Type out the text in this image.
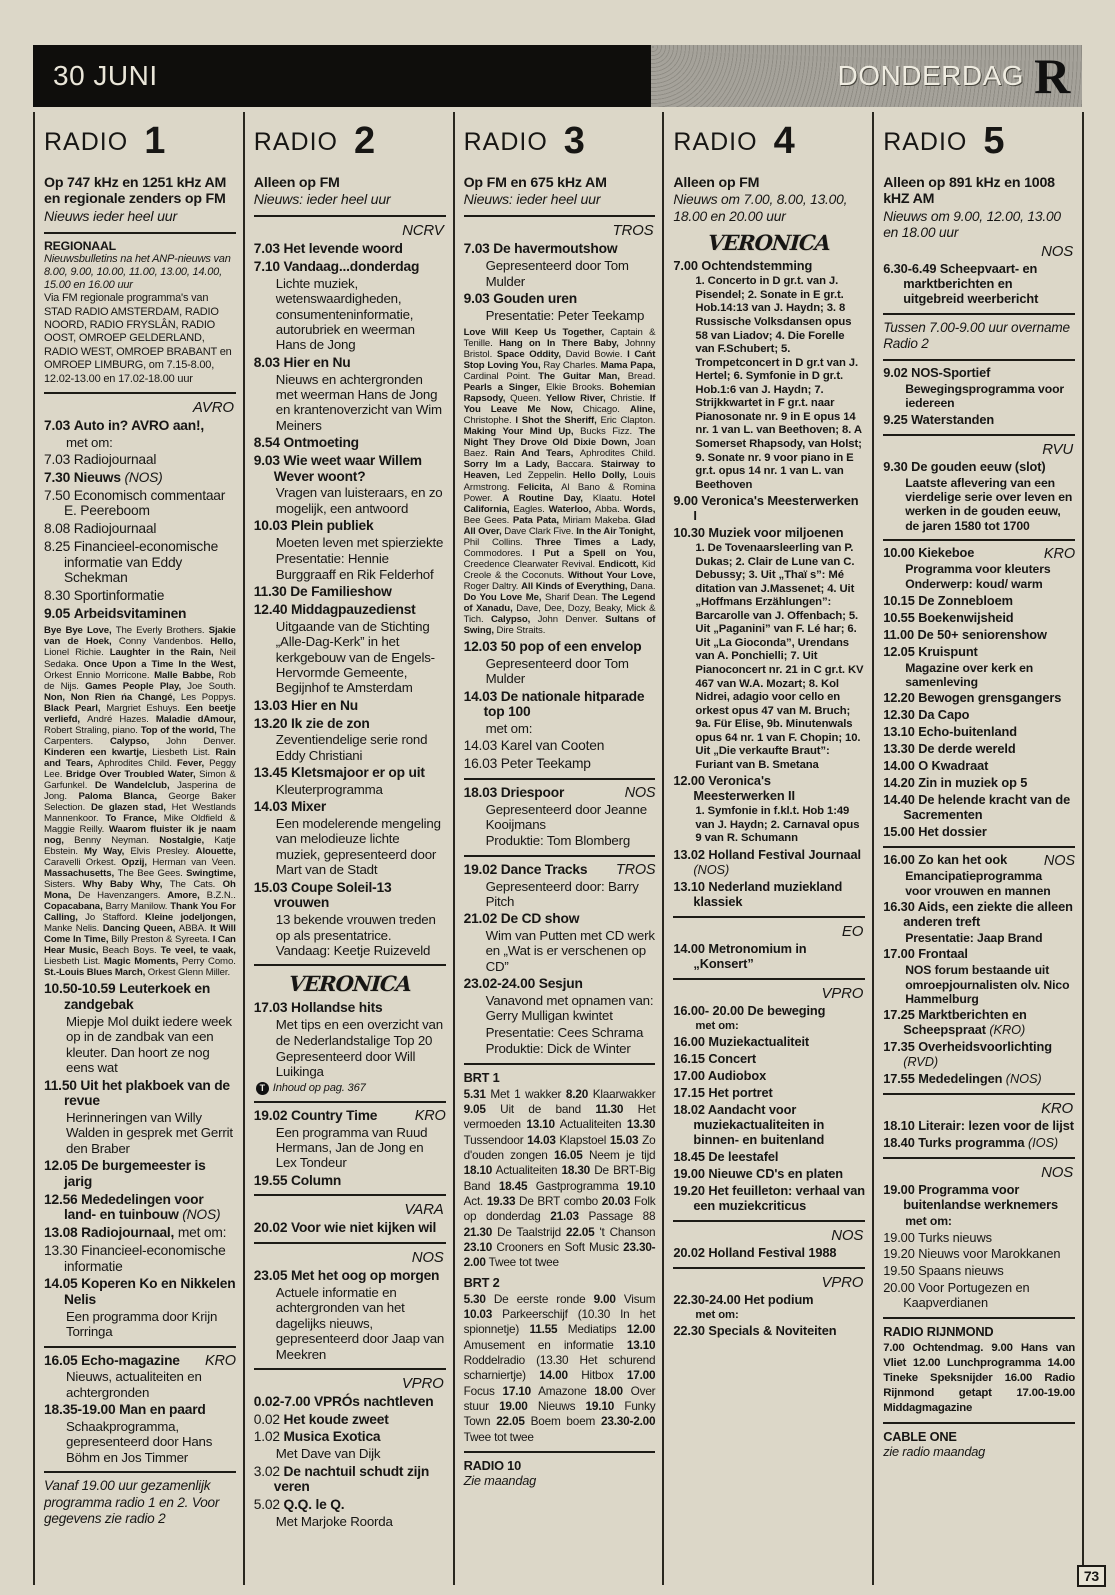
30 JUNI	DONDERDAG R
RADIO 1
Op 747 kHz en 1251 kHz AM
en regionale zenders op FM
Nieuws ieder heel uur
REGIONAAL
Nieuwsbulletins na het ANP-nieuws van 8.00, 9.00, 10.00, 11.00, 13.00, 14.00, 15.00 en 16.00 uur
Via FM regionale programma's van STAD RADIO AMSTERDAM, RADIO NOORD, RADIO FRYSLÂN, RADIO OOST, OMROEP GELDERLAND, RADIO WEST, OMROEP BRABANT en OMROEP LIMBURG, om 7.15-8.00, 12.02-13.00 en 17.02-18.00 uur
AVRO
7.03 Auto in? AVRO aan!,
met om:
7.03 Radiojournaal
7.30 Nieuws (NOS)
7.50 Economisch commentaar E. Peereboom
8.08 Radiojournaal
8.25 Financieel-economische informatie van Eddy Schekman
8.30 Sportinformatie
9.05 Arbeidsvitaminen
Bye Bye Love , The Everly Brothers . Sjakie van de Hoek , Conny Vandenbos . Hello , Lionel Richie . Laughter in the Rain , Neil Sedaka . Once Upon a Time In the West , Orkest Ennio Morricone . Malle Babbe , Rob de Nijs . Games People Play , Joe South . Non, Non Rien ńa Changé , Les Poppys . Black Pearl , Margriet Eshuys . Een beetje verliefd , André Hazes . Maladie dAmour , Robert Straling, piano . Top of the world , The Carpenters . Calypso , John Denver . Kinderen een kwartje , Liesbeth List . Rain and Tears , Aphrodites Child . Fever , Peggy Lee . Bridge Over Troubled Water , Simon & Garfunkel . De Wandelclub , Jasperina de Jong . Paloma Blanca , George Baker Selection . De glazen stad , Het Westlands Mannenkoor . To France , Mike Oldfield & Maggie Reilly . Waarom fluister ik je naam nog , Benny Neyman . Nostalgie , Katje Ebstein . My Way , Elvis Presley . Alouette , Caravelli Orkest . Opzij , Herman van Veen . Massachusetts , The Bee Gees . Swingtime , Sisters . Why Baby Why , The Cats . Oh Mona , De Havenzangers . Amore , B.Z.N. . Copacabana , Barry Manilow . Thank You For Calling , Jo Stafford . Kleine jodeljongen , Manke Nelis . Dancing Queen , ABBA . It Will Come In Time , Billy Preston & Syreeta . I Can Hear Music , Beach Boys . Te veel, te vaak , Liesbeth List . Magic Moments , Perry Como . St.-Louis Blues March , Orkest Glenn Miller .
10.50-10.59 Leuterkoek en zandgebak
Miepje Mol duikt iedere week op in de zandbak van een kleuter. Dan hoort ze nog eens wat
11.50 Uit het plakboek van de revue
Herinneringen van Willy Walden in gesprek met Gerrit den Braber
12.05 De burgemeester is jarig
12.56 Mededelingen voor land- en tuinbouw (NOS)
13.08 Radiojournaal, met om:
13.30 Financieel-economische informatie
14.05 Koperen Ko en Nikkelen Nelis
Een programma door Krijn Torringa
KRO
16.05 Echo-magazine
Nieuws, actualiteiten en achtergronden
18.35-19.00 Man en paard
Schaakprogramma, gepresenteerd door Hans Böhm en Jos Timmer
Vanaf 19.00 uur gezamenlijk programma radio 1 en 2. Voor gegevens zie radio 2
RADIO 2
Alleen op FM
Nieuws: ieder heel uur
NCRV
7.03 Het levende woord
7.10 Vandaag...donderdag
Lichte muziek, wetenswaardigheden, consumenteninformatie, autorubriek en weerman Hans de Jong
8.03 Hier en Nu
Nieuws en achtergronden met weerman Hans de Jong en krantenoverzicht van Wim Meiners
8.54 Ontmoeting
9.03 Wie weet waar Willem Wever woont?
Vragen van luisteraars, en zo mogelijk, een antwoord
10.03 Plein publiek
Moeten leven met spierziekte
Presentatie: Hennie Burggraaff en Rik Felderhof
11.30 De Familieshow
12.40 Middagpauzedienst
Uitgaande van de Stichting „Alle-Dag-Kerk” in het kerkgebouw van de Engels-Hervormde Gemeente, Begijnhof te Amsterdam
13.03 Hier en Nu
13.20 Ik zie de zon
Zeventiendelige serie rond Eddy Christiani
13.45 Kletsmajoor er op uit
Kleuterprogramma
14.03 Mixer
Een modelerende mengeling van melodieuze lichte muziek, gepresenteerd door Mart van de Stadt
15.03 Coupe Soleil-13 vrouwen
13 bekende vrouwen treden op als presentatrice. Vandaag: Keetje Ruizeveld
VERONICA
17.03 Hollandse hits
Met tips en een overzicht van de Nederlandstalige Top 20
Gepresenteerd door Will Luikinga
T Inhoud op pag. 367
KRO
19.02 Country Time
Een programma van Ruud Hermans, Jan de Jong en Lex Tondeur
19.55 Column
VARA
20.02 Voor wie niet kijken wil
NOS
23.05 Met het oog op morgen
Actuele informatie en achtergronden van het dagelijks nieuws, gepresenteerd door Jaap van Meekren
VPRO
0.02-7.00 VPRÓs nachtleven
0.02 Het koude zweet
1.02 Musica Exotica
Met Dave van Dijk
3.02 De nachtuil schudt zijn veren
5.02 Q.Q. le Q.
Met Marjoke Roorda
RADIO 3
Op FM en 675 kHz AM
Nieuws: ieder heel uur
TROS
7.03 De havermoutshow
Gepresenteerd door Tom Mulder
9.03 Gouden uren
Presentatie: Peter Teekamp
Love Will Keep Us Together , Captain & Tenille . Hang on In There Baby , Johnny Bristol . Space Oddity , David Bowie . I Cańt Stop Loving You , Ray Charles . Mama Papa , Cardinal Point . The Guitar Man , Bread . Pearls a Singer , Elkie Brooks . Bohemian Rapsody , Queen . Yellow River , Christie . If You Leave Me Now , Chicago . Aline , Christophe . I Shot the Sheriff , Eric Clapton . Making Your Mind Up , Bucks Fizz . The Night They Drove Old Dixie Down , Joan Baez . Rain And Tears , Aphrodites Child . Sorry Im a Lady , Baccara . Stairway to Heaven , Led Zeppelin . Hello Dolly , Louis Armstrong . Felicita , Al Bano & Romina Power . A Routine Day , Klaatu . Hotel California , Eagles . Waterloo , Abba . Words , Bee Gees . Pata Pata , Miriam Makeba . Glad All Over , Dave Clark Five . In the Air Tonight , Phil Collins . Three Times a Lady , Commodores . I Put a Spell on You , Creedence Clearwater Revival . Endicott , Kid Creole & the Coconuts . Without Your Love , Roger Daltry . All Kinds of Everything , Dana . Do You Love Me , Sharif Dean . The Legend of Xanadu , Dave, Dee, Dozy, Beaky, Mick & Tich . Calypso , John Denver . Sultans of Swing , Dire Straits .
12.03 50 pop of een envelop
Gepresenteerd door Tom Mulder
14.03 De nationale hitparade top 100
met om:
14.03 Karel van Cooten
16.03 Peter Teekamp
NOS
18.03 Driespoor
Gepresenteerd door Jeanne Kooijmans
Produktie: Tom Blomberg
TROS
19.02 Dance Tracks
Gepresenteerd door: Barry Pitch
21.02 De CD show
Wim van Putten met CD werk en „Wat is er verschenen op CD”
23.02-24.00 Sesjun
Vanavond met opnamen van: Gerry Mulligan kwintet
Presentatie: Cees Schrama
Produktie: Dick de Winter
BRT 1
5.31 Met 1 wakker 8.20 Klaarwakker 9.05 Uit de band 11.30 Het vermoeden 13.10 Actualiteiten 13.30 Tussendoor 14.03 Klapstoel 15.03 Zo d'ouden zongen 16.05 Neem je tijd 18.10 Actualiteiten 18.30 De BRT-Big Band 18.45 Gastprogramma 19.10 Act. 19.33 De BRT combo 20.03 Folk op donderdag 21.03 Passage 88 21.30 De Taalstrijd 22.05 't Chanson 23.10 Crooners en Soft Music 23.30-2.00 Twee tot twee
BRT 2
5.30 De eerste ronde 9.00 Visum 10.03 Parkeerschijf (10.30 In het spionnetje) 11.55 Mediatips 12.00 Amusement en informatie 13.10 Roddelradio (13.30 Het schurend scharniertje) 14.00 Hitbox 17.00 Focus 17.10 Amazone 18.00 Over stuur 19.00 Nieuws 19.10 Funky Town 22.05 Boem boem 23.30-2.00 Twee tot twee
RADIO 10
Zie maandag
RADIO 4
Alleen op FM
Nieuws om 7.00, 8.00, 13.00, 18.00 en 20.00 uur
VERONICA
7.00 Ochtendstemming
1. Concerto in D gr.t. van J. Pisendel; 2. Sonate in E gr.t. Hob.14:13 van J. Haydn; 3. 8 Russische Volksdansen opus 58 van Liadov; 4. Die Forelle van F.Schubert; 5. Trompetconcert in D gr.t van J. Hertel; 6. Symfonie in D gr.t. Hob.1:6 van J. Haydn; 7. Strijkkwartet in F gr.t. naar Pianosonate nr. 9 in E opus 14 nr. 1 van L. van Beethoven; 8. A Somerset Rhapsody, van Holst; 9. Sonate nr. 9 voor piano in E gr.t. opus 14 nr. 1 van L. van Beethoven
9.00 Veronica's Meesterwerken I
10.30 Muziek voor miljoenen
1. De Tovenaarsleerling van P. Dukas; 2. Clair de Lune van C. Debussy; 3. Uit „Thaï s”: Mé ditation van J.Massenet; 4. Uit „Hoffmans Erzählungen”: Barcarolle van J. Offenbach; 5. Uit „Paganini” van F. Lé har; 6. Uit „La Gioconda”, Urendans van A. Ponchielli; 7. Uit Pianoconcert nr. 21 in C gr.t. KV 467 van W.A. Mozart; 8. Kol Nidrei, adagio voor cello en orkest opus 47 van M. Bruch; 9a. Für Elise, 9b. Minutenwals opus 64 nr. 1 van F. Chopin; 10. Uit „Die verkaufte Braut”: Furiant van B. Smetana
12.00 Veronica's Meesterwerken II
1. Symfonie in f.kl.t. Hob 1:49 van J. Haydn; 2. Carnaval opus 9 van R. Schumann
13.02 Holland Festival Journaal (NOS)
13.10 Nederland muziekland klassiek
EO
14.00 Metronomium in „Konsert”
VPRO
16.00- 20.00 De beweging
met om:
16.00 Muziekactualiteit
16.15 Concert
17.00 Audiobox
17.15 Het portret
18.02 Aandacht voor muziekactualiteiten in binnen- en buitenland
18.45 De leestafel
19.00 Nieuwe CD's en platen
19.20 Het feuilleton: verhaal van een muziekcriticus
NOS
20.02 Holland Festival 1988
VPRO
22.30-24.00 Het podium
met om:
22.30 Specials & Noviteiten
RADIO 5
Alleen op 891 kHz en 1008 kHZ AM
Nieuws om 9.00, 12.00, 13.00 en 18.00 uur
NOS
6.30-6.49 Scheepvaart- en marktberichten en uitgebreid weerbericht
Tussen 7.00-9.00 uur overname Radio 2
9.02 NOS-Sportief
Bewegingsprogramma voor iedereen
9.25 Waterstanden
RVU
9.30 De gouden eeuw (slot)
Laatste aflevering van een vierdelige serie over leven en werken in de gouden eeuw, de jaren 1580 tot 1700
KRO
10.00 Kiekeboe
Programma voor kleuters
Onderwerp: koud/ warm
10.15 De Zonnebloem
10.55 Boekenwijsheid
11.00 De 50+ seniorenshow
12.05 Kruispunt
Magazine over kerk en samenleving
12.20 Bewogen grensgangers
12.30 Da Capo
13.10 Echo-buitenland
13.30 De derde wereld
14.00 O Kwadraat
14.20 Zin in muziek op 5
14.40 De helende kracht van de Sacrementen
15.00 Het dossier
NOS
16.00 Zo kan het ook
Emancipatieprogramma voor vrouwen en mannen
16.30 Aids, een ziekte die alleen anderen treft
Presentatie: Jaap Brand
17.00 Frontaal
NOS forum bestaande uit omroepjournalisten olv. Nico Hammelburg
17.25 Marktberichten en Scheepspraat (KRO)
17.35 Overheidsvoorlichting (RVD)
17.55 Mededelingen (NOS)
KRO
18.10 Literair: lezen voor de lijst
18.40 Turks programma (IOS)
NOS
19.00 Programma voor buitenlandse werknemers
met om:
19.00 Turks nieuws
19.20 Nieuws voor Marokkanen
19.50 Spaans nieuws
20.00 Voor Portugezen en Kaapverdianen
RADIO RIJNMOND
7.00 Ochtendmag. 9.00 Hans van Vliet 12.00 Lunchprogramma 14.00 Tineke Speksnijder 16.00 Radio Rijnmond getapt 17.00-19.00 Middagmagazine
CABLE ONE
zie radio maandag
73
